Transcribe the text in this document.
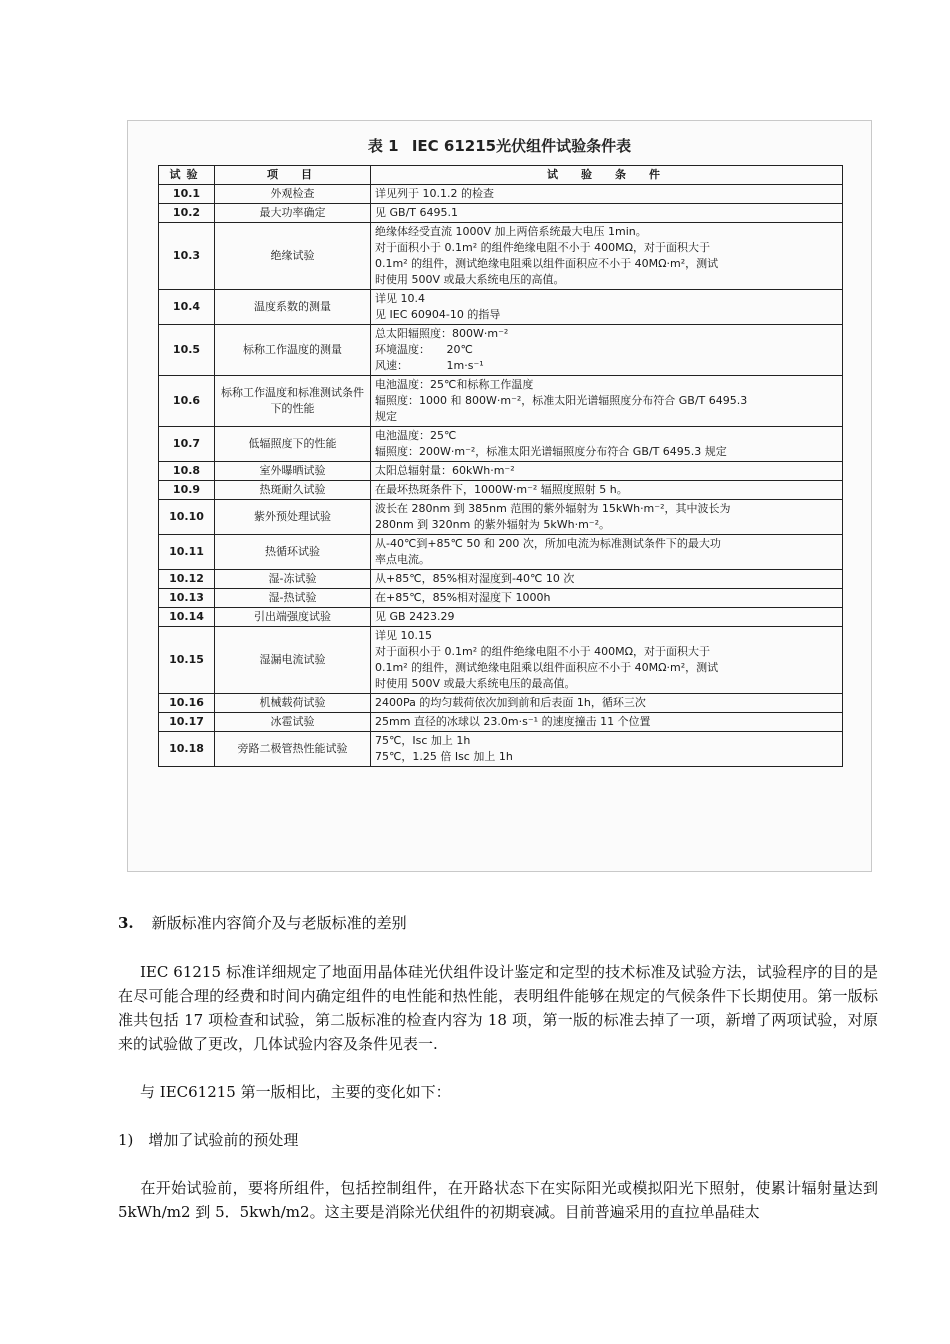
表 1 IEC 61215光伏组件试验条件表
试验	项　目	试　验　条　件
10.1	外观检查	详见列于 10.1.2 的检查

10.2	最大功率确定	见 GB/T 6495.1

10.3	绝缘试验	绝缘体经受直流 1000V 加上两倍系统最大电压 1min。
对于面积小于 0.1m² 的组件绝缘电阻不小于 400MΩ，对于面积大于
0.1m² 的组件，测试绝缘电阻乘以组件面积应不小于 40MΩ·m²，测试
时使用 500V 或最大系统电压的高值。

10.4	温度系数的测量	详见 10.4
见 IEC 60904-10 的指导

10.5	标称工作温度的测量	总太阳辐照度：800W·m⁻²
环境温度：　　20℃
风速：　　　　1m·s⁻¹

10.6	标称工作温度和标准测试条件下的性能	电池温度：25℃和标称工作温度
辐照度：1000 和 800W·m⁻²，标准太阳光谱辐照度分布符合 GB/T 6495.3
规定

10.7	低辐照度下的性能	电池温度：25℃
辐照度：200W·m⁻²，标准太阳光谱辐照度分布符合 GB/T 6495.3 规定

10.8	室外曝晒试验	太阳总辐射量：60kWh·m⁻²

10.9	热斑耐久试验	在最坏热斑条件下，1000W·m⁻² 辐照度照射 5 h。

10.10	紫外预处理试验	波长在 280nm 到 385nm 范围的紫外辐射为 15kWh·m⁻²，其中波长为
280nm 到 320nm 的紫外辐射为 5kWh·m⁻²。

10.11	热循环试验	从-40℃到+85℃ 50 和 200 次，所加电流为标准测试条件下的最大功
率点电流。

10.12	湿-冻试验	从+85℃，85%相对湿度到-40℃ 10 次

10.13	湿-热试验	在+85℃，85%相对湿度下 1000h

10.14	引出端强度试验	见 GB 2423.29

10.15	湿漏电流试验	详见 10.15
对于面积小于 0.1m² 的组件绝缘电阻不小于 400MΩ，对于面积大于
0.1m² 的组件，测试绝缘电阻乘以组件面积应不小于 40MΩ·m²，测试
时使用 500V 或最大系统电压的最高值。

10.16	机械载荷试验	2400Pa 的均匀载荷依次加到前和后表面 1h，循环三次

10.17	冰雹试验	25mm 直径的冰球以 23.0m·s⁻¹ 的速度撞击 11 个位置

10.18	旁路二极管热性能试验	75℃，Isc 加上 1h
75℃，1.25 倍 Isc 加上 1h
3. 新版标准内容简介及与老版标准的差别
IEC 61215 标准详细规定了地面用晶体硅光伏组件设计鉴定和定型的技术标准及试验方法，试验程序的目的是在尽可能合理的经费和时间内确定组件的电性能和热性能，表明组件能够在规定的气候条件下长期使用。第一版标准共包括 17 项检查和试验，第二版标准的检查内容为 18 项，第一版的标准去掉了一项，新增了两项试验，对原来的试验做了更改，几体试验内容及条件见表一.
与 IEC61215 第一版相比，主要的变化如下：
1)　增加了试验前的预处理
在开始试验前，要将所组件，包括控制组件，在开路状态下在实际阳光或模拟阳光下照射，使累计辐射量达到 5kWh/m2 到 5．5kwh/m2。这主要是消除光伏组件的初期衰减。目前普遍采用的直拉单晶硅太
